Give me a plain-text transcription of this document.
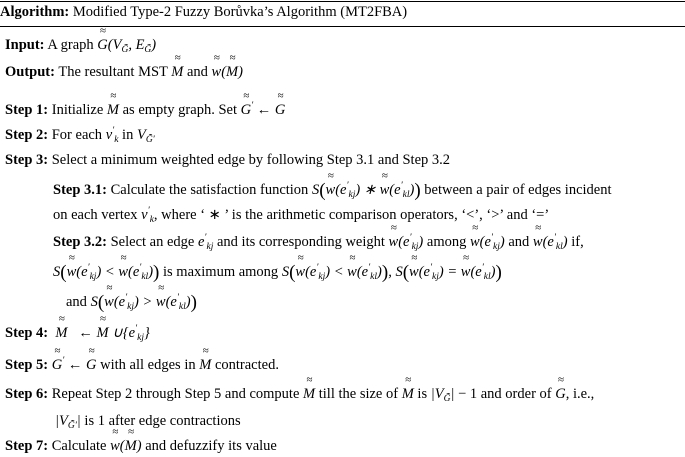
Algorithm: Modified Type-2 Fuzzy Borůvka’s Algorithm (MT2FBA)
Input: A graph G
≈
($V_{G̃̃}$, $E_{G̃̃}$)
Output: The resultant MST M
≈
and w
≈
(M
≈
)
Step 1: Initialize M
≈
as empty graph. Set G
≈
′ ← G
≈
Step 2: For each $v'_k$ in $V_{G̃̃'}$
Step 3: Select a minimum weighted edge by following Step 3.1 and Step 3.2
Step 3.1: Calculate the satisfaction function S(w
≈
$(e'_{kj})$ ∗ w
≈
$(e'_{kl})$) between a pair of edges incident
on each vertex $v'_k$, where ‘ ∗ ’ is the arithmetic comparison operators, ‘<’, ‘>’ and ‘=’
Step 3.2: Select an edge $e'_{kj}$ and its corresponding weight w
≈
$(e'_{kj})$ among w
≈
$(e'_{kj})$ and w
≈
$(e'_{kl})$ if,
S(w
≈
$(e'_{kj}) < w$
≈
$(e'_{kl})$) is maximum among S(w
≈
$(e'_{kj}) < w$
≈
$(e'_{kl})$), S(w
≈
$(e'_{kj}) = w$
≈
$(e'_{kl})$)
and S(w
≈
$(e'_{kj}) > w$
≈
$(e'_{kl})$)
Step 4: M
≈
← M
≈
$\cup\{e'_{kj}\}$
Step 5: G
≈
′ ← G
≈
with all edges in M
≈
contracted.
Step 6: Repeat Step 2 through Step 5 and compute M
≈
till the size of M
≈
is $|V_{G̃̃}| - 1$ and order of G
≈
, i.e.,
$|V_{G̃̃'}|$ is 1 after edge contractions
Step 7: Calculate w
≈
(M
≈
) and defuzzify its value
